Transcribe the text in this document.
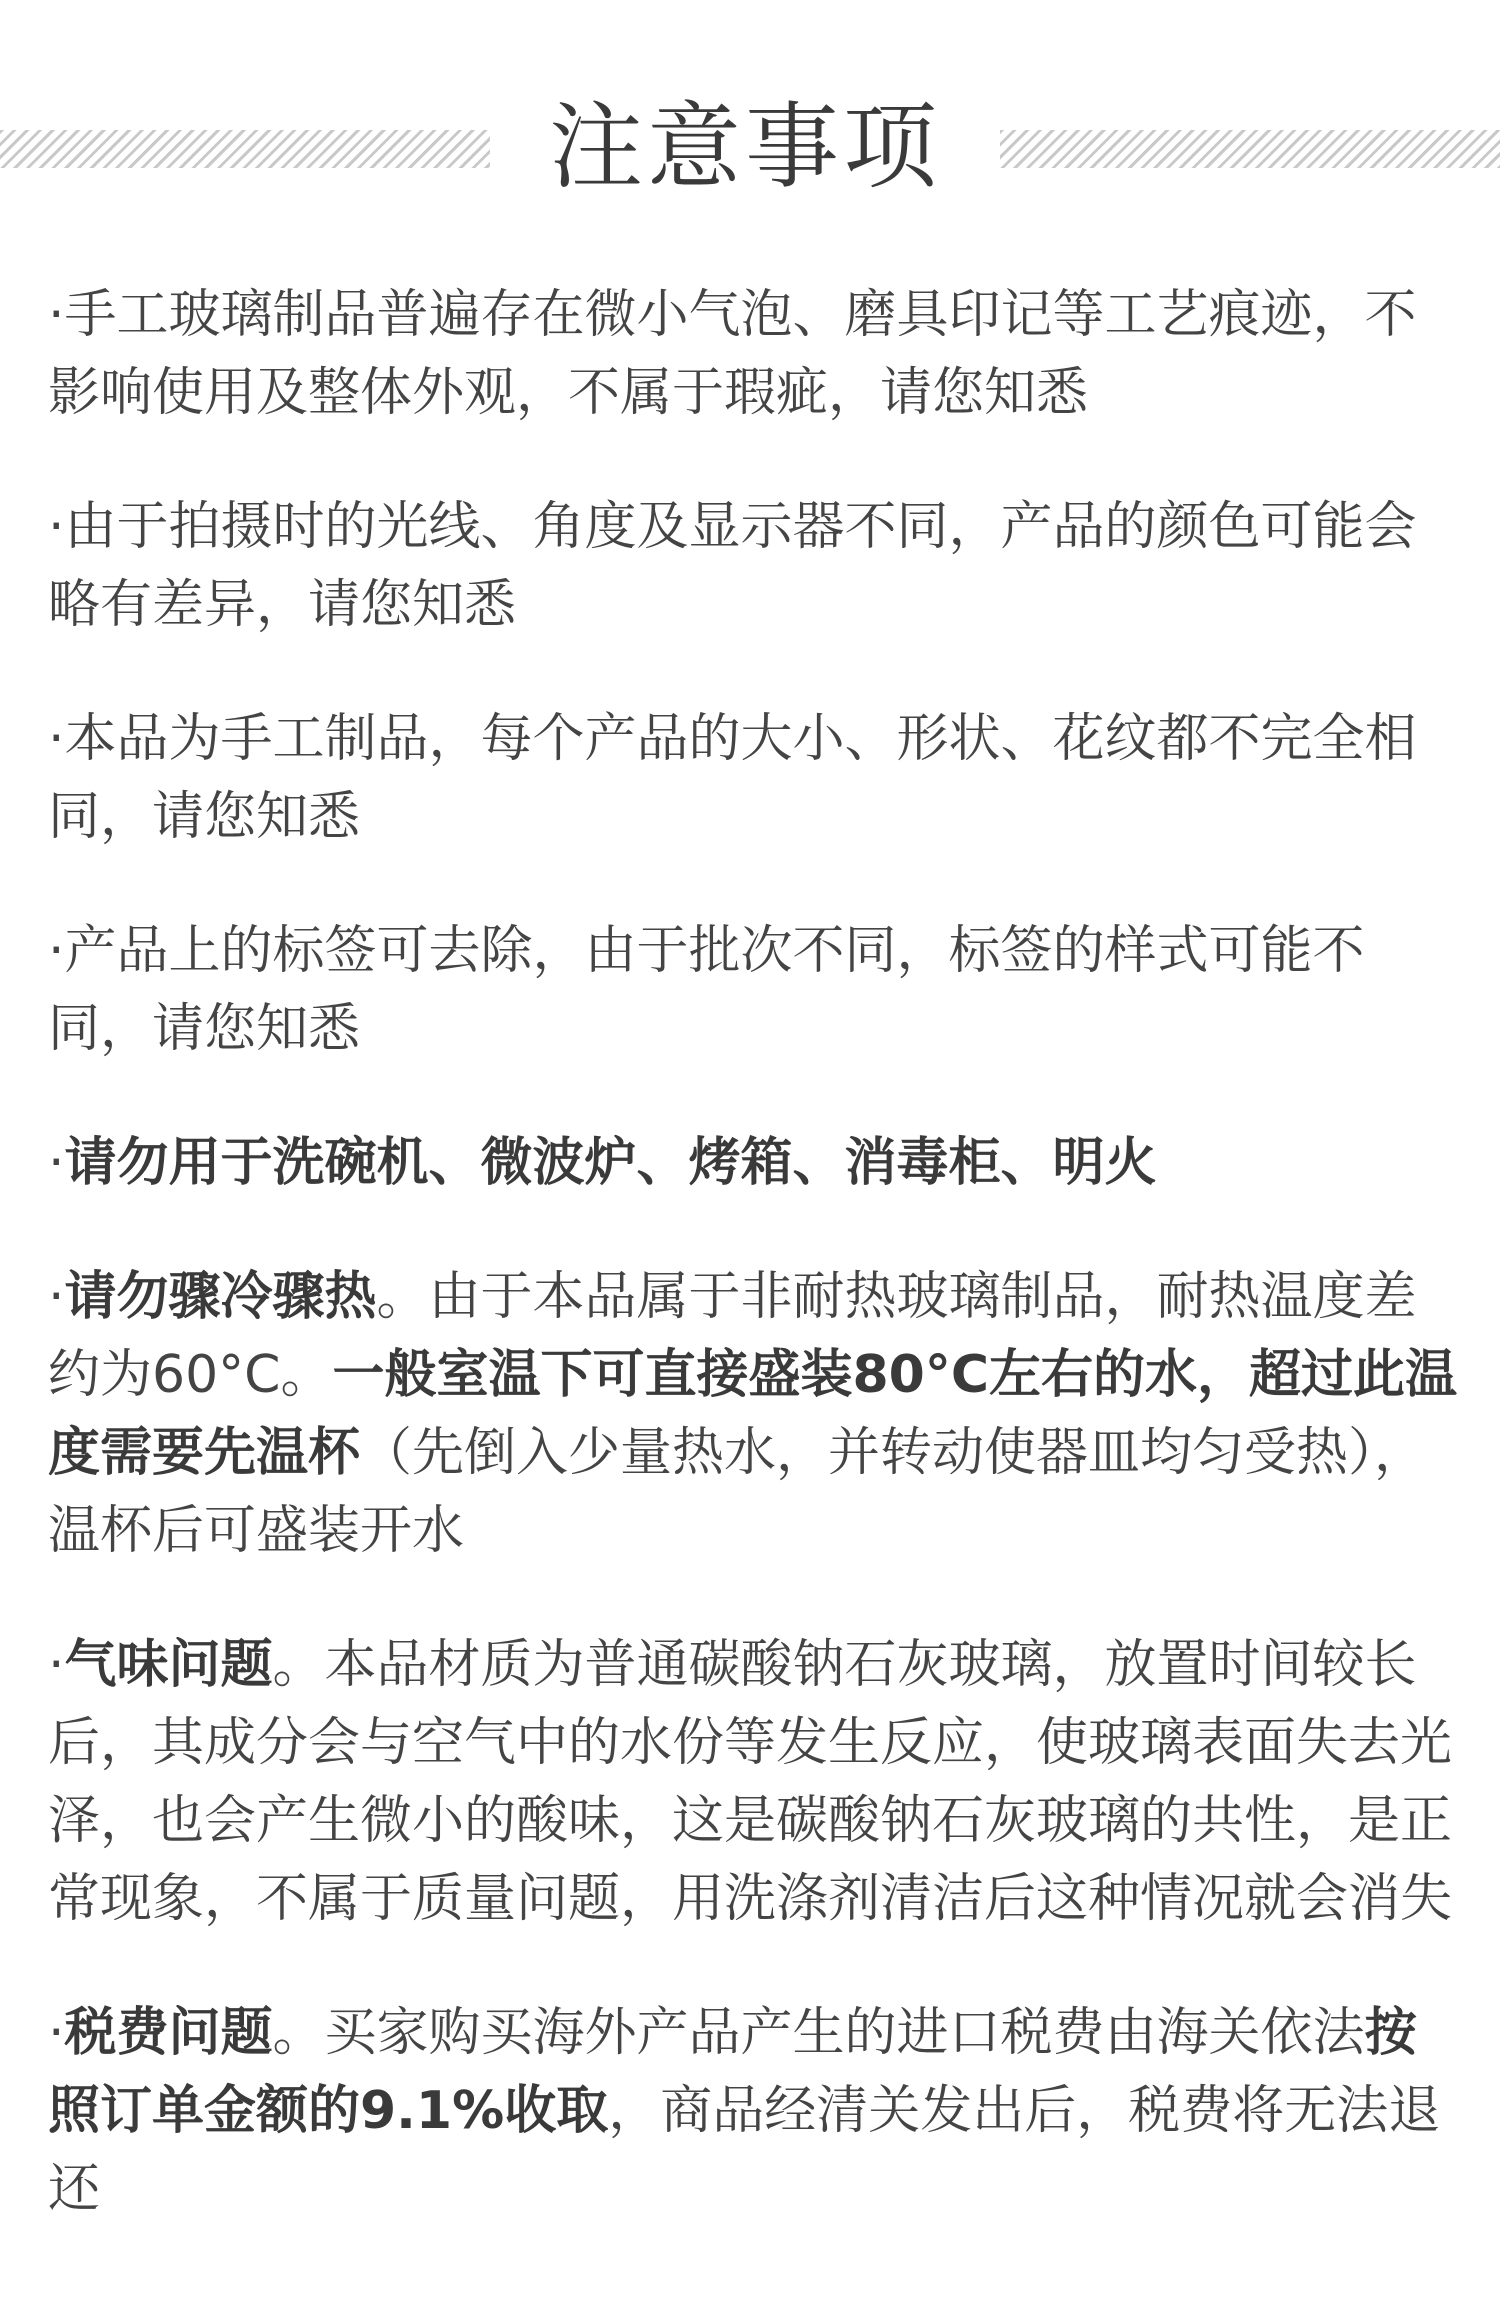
注意事项
·手工玻璃制品普遍存在微小气泡、磨具印记等工艺痕迹，不影响使用及整体外观，不属于瑕疵，请您知悉
·由于拍摄时的光线、角度及显示器不同，产品的颜色可能会略有差异，请您知悉
·本品为手工制品，每个产品的大小、形状、花纹都不完全相同，请您知悉
·产品上的标签可去除，由于批次不同，标签的样式可能不同，请您知悉
·请勿用于洗碗机、微波炉、烤箱、消毒柜、明火
·请勿骤冷骤热。由于本品属于非耐热玻璃制品，耐热温度差约为60°C。一般室温下可直接盛装80°C左右的水，超过此温度需要先温杯（先倒入少量热水，并转动使器皿均匀受热），温杯后可盛装开水
·气味问题。本品材质为普通碳酸钠石灰玻璃，放置时间较长后，其成分会与空气中的水份等发生反应，使玻璃表面失去光泽，也会产生微小的酸味，这是碳酸钠石灰玻璃的共性，是正常现象，不属于质量问题，用洗涤剂清洁后这种情况就会消失
·税费问题。买家购买海外产品产生的进口税费由海关依法按照订单金额的9.1%收取，商品经清关发出后，税费将无法退还
